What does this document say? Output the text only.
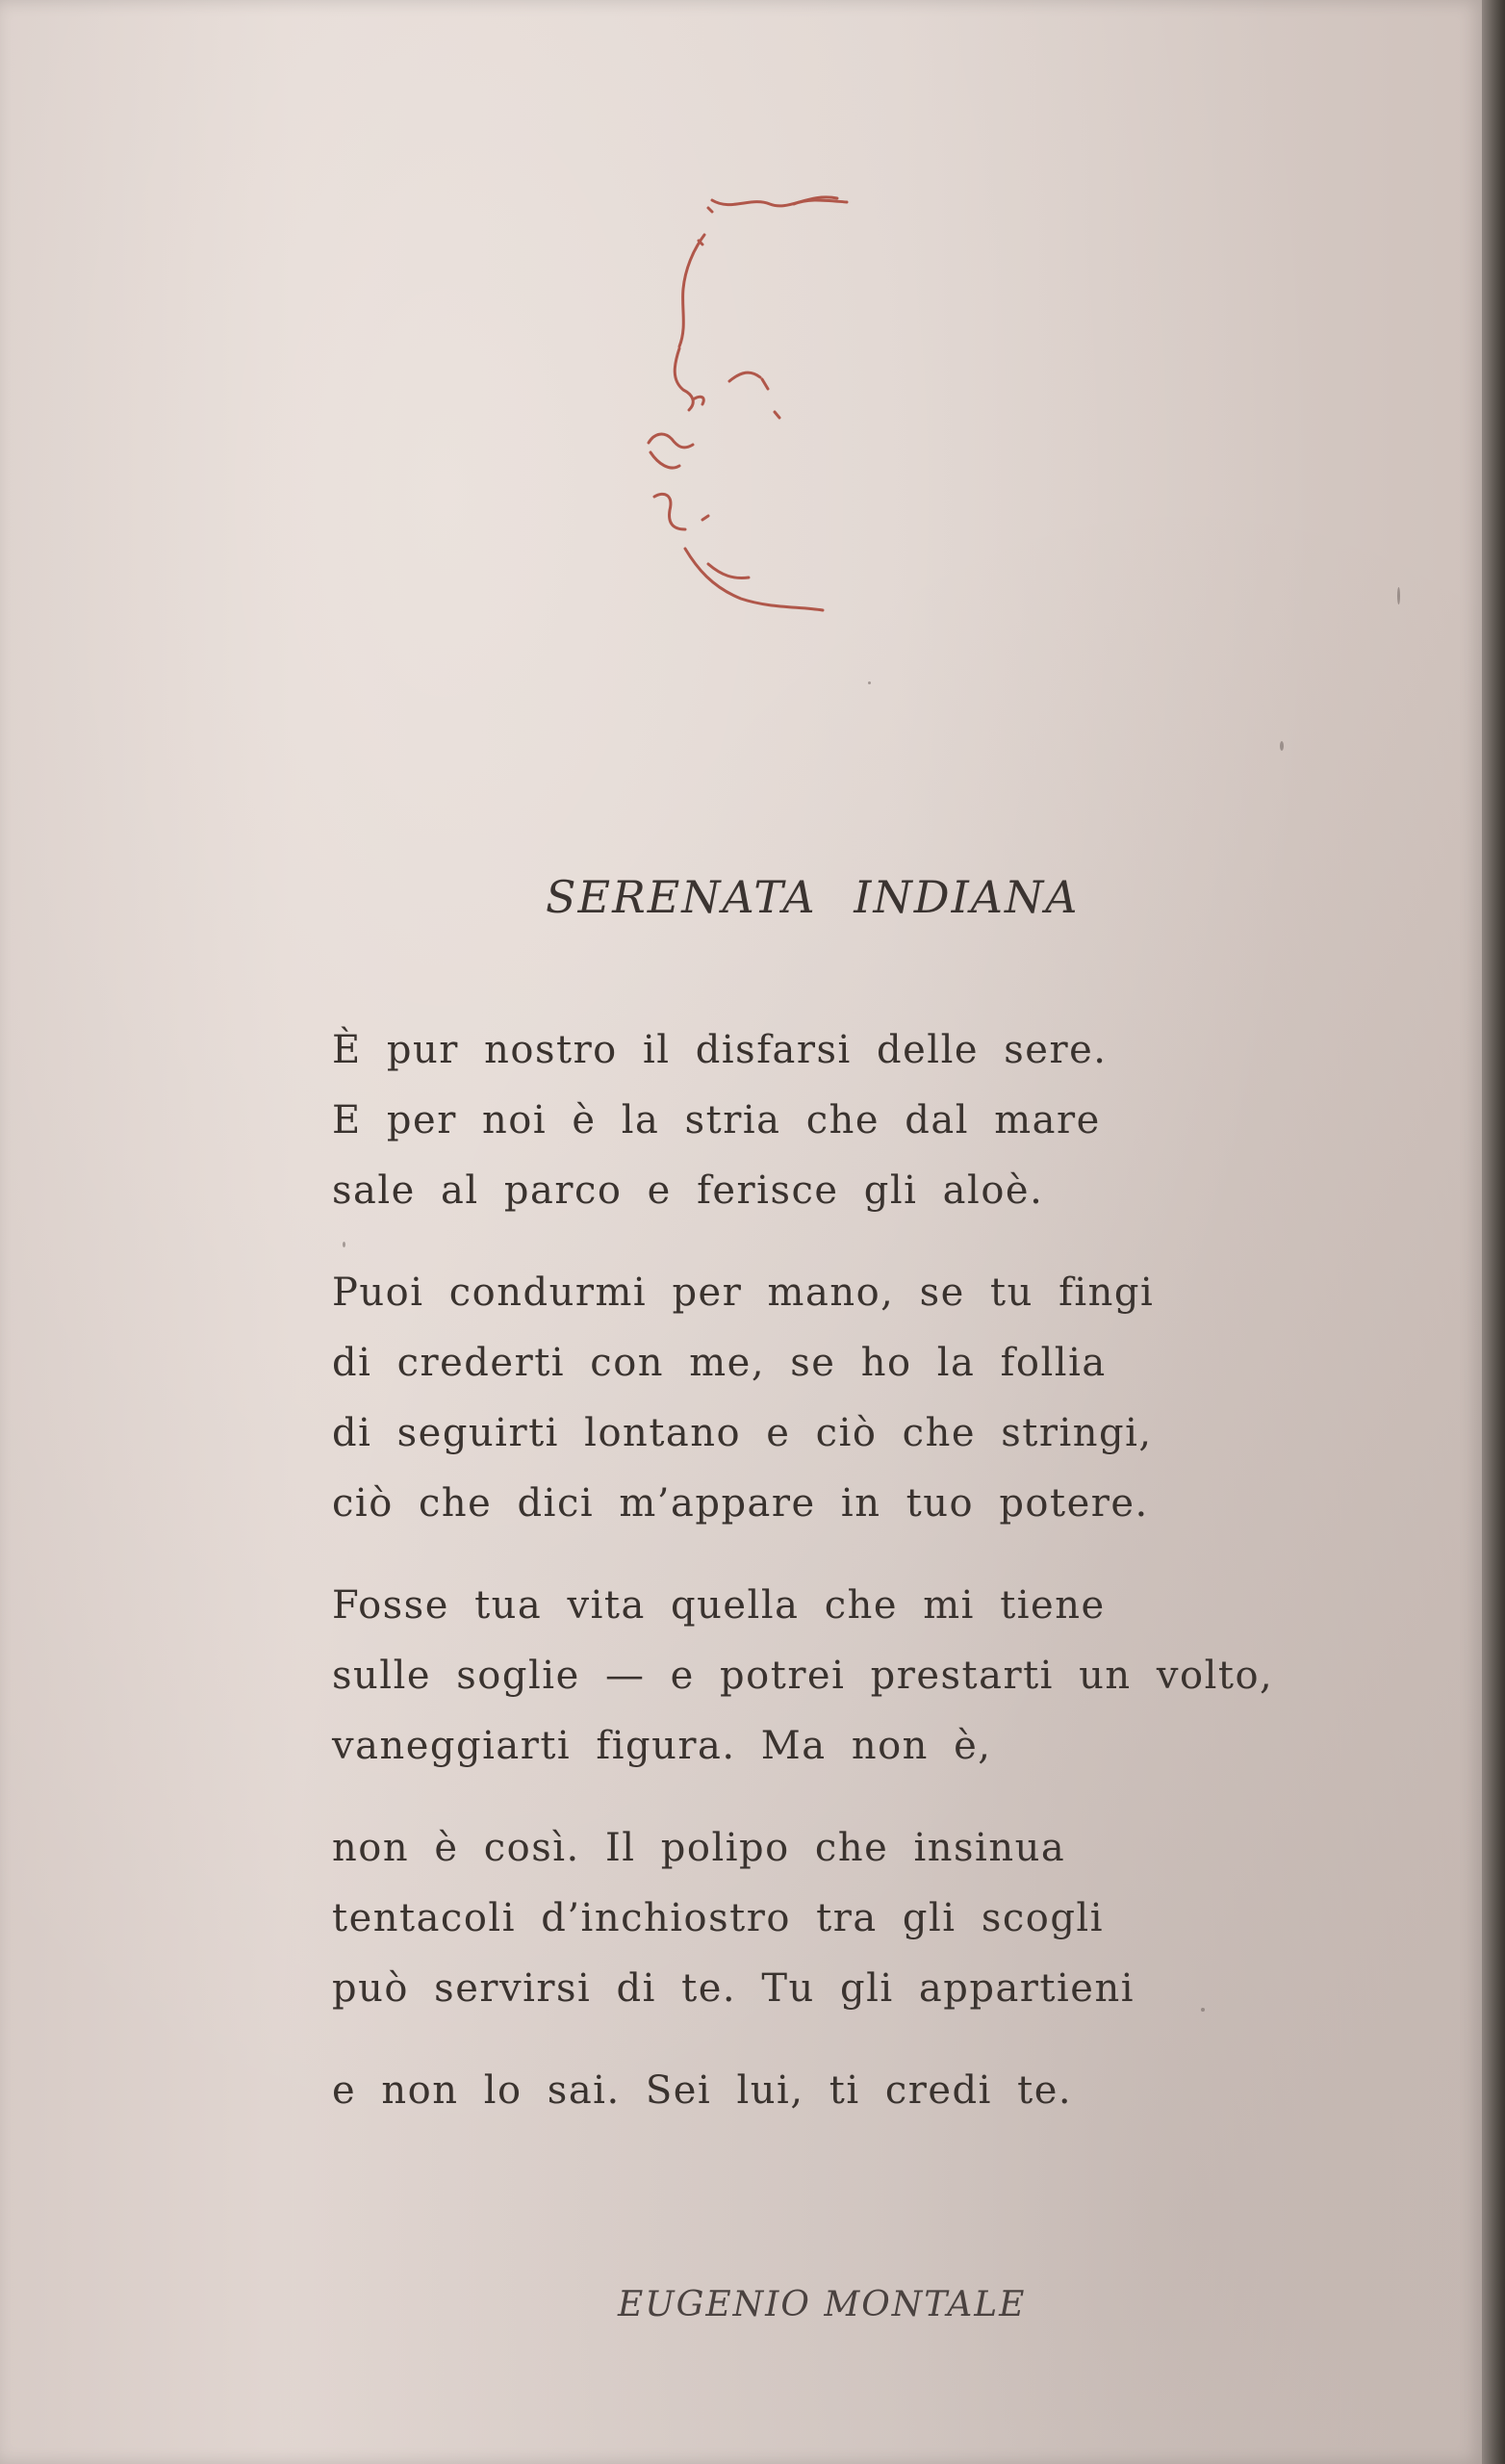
SERENATA INDIANA

È pur nostro il disfarsi delle sere.
E per noi è la stria che dal mare
sale al parco e ferisce gli aloè.

Puoi condurmi per mano, se tu fingi
di crederti con me, se ho la follia
di seguirti lontano e ciò che stringi,
ciò che dici m’appare in tuo potere.

Fosse tua vita quella che mi tiene
sulle soglie — e potrei prestarti un volto,
vaneggiarti figura. Ma non è,

non è così. Il polipo che insinua
tentacoli d’inchiostro tra gli scogli
può servirsi di te. Tu gli appartieni

e non lo sai. Sei lui, ti credi te.

EUGENIO MONTALE
